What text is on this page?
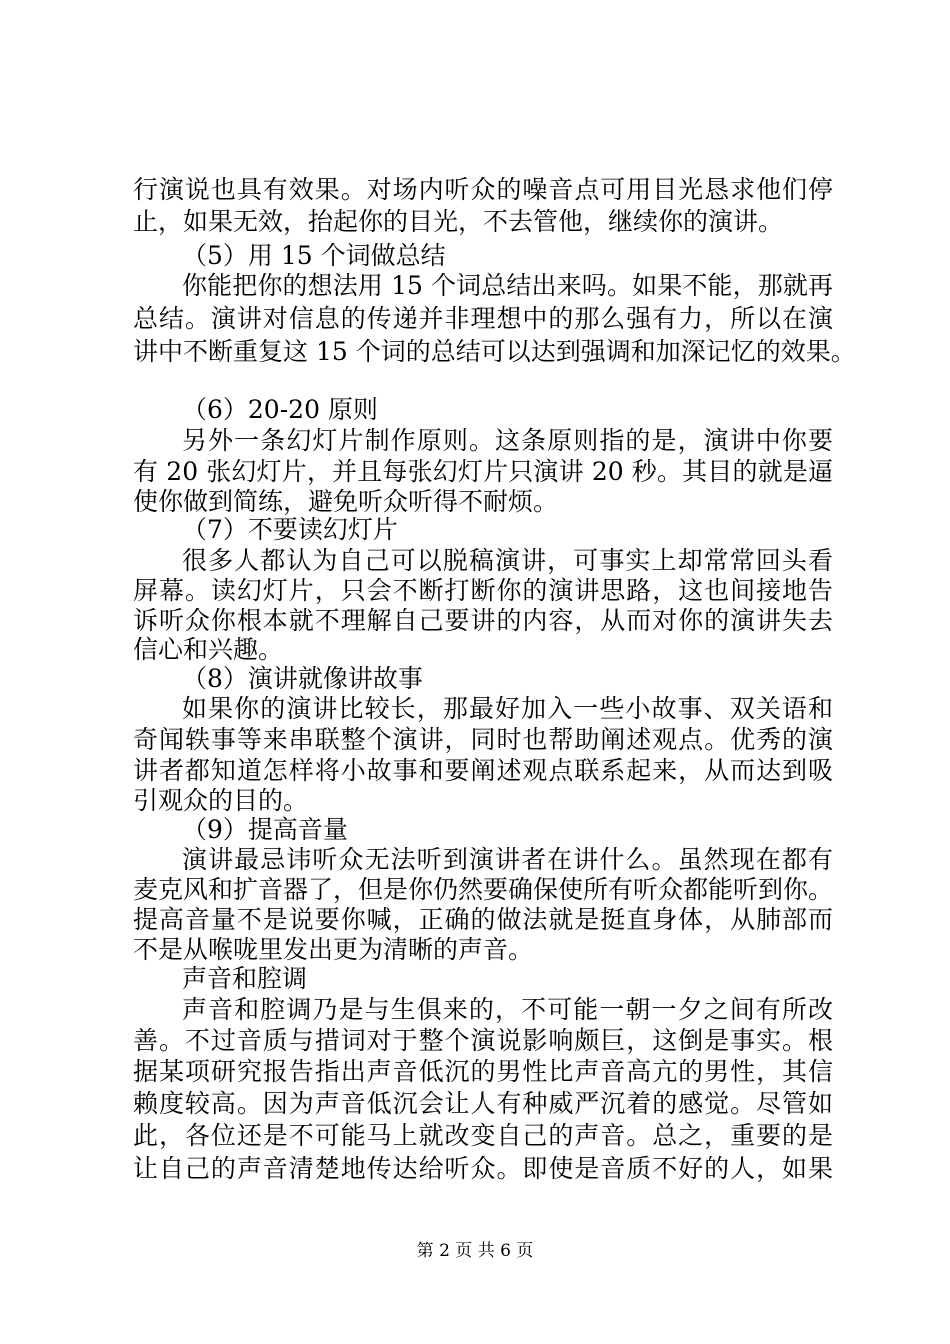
行演说也具有效果。对场内听众的噪音点可用目光恳求他们停
止，如果无效，抬起你的目光，不去管他，继续你的演讲。
（5）用 15 个词做总结
你能把你的想法用 15 个词总结出来吗。如果不能，那就再
总结。演讲对信息的传递并非理想中的那么强有力，所以在演
讲中不断重复这 15 个词的总结可以达到强调和加深记忆的效果。
（6）20-20 原则
另外一条幻灯片制作原则。这条原则指的是，演讲中你要
有 20 张幻灯片，并且每张幻灯片只演讲 20 秒。其目的就是逼
使你做到简练，避免听众听得不耐烦。
（7）不要读幻灯片
很多人都认为自己可以脱稿演讲，可事实上却常常回头看
屏幕。读幻灯片，只会不断打断你的演讲思路，这也间接地告
诉听众你根本就不理解自己要讲的内容，从而对你的演讲失去
信心和兴趣。
（8）演讲就像讲故事
如果你的演讲比较长，那最好加入一些小故事、双关语和
奇闻轶事等来串联整个演讲，同时也帮助阐述观点。优秀的演
讲者都知道怎样将小故事和要阐述观点联系起来，从而达到吸
引观众的目的。
（9）提高音量
演讲最忌讳听众无法听到演讲者在讲什么。虽然现在都有
麦克风和扩音器了，但是你仍然要确保使所有听众都能听到你。
提高音量不是说要你喊，正确的做法就是挺直身体，从肺部而
不是从喉咙里发出更为清晰的声音。
声音和腔调
声音和腔调乃是与生俱来的，不可能一朝一夕之间有所改
善。不过音质与措词对于整个演说影响颇巨，这倒是事实。根
据某项研究报告指出声音低沉的男性比声音高亢的男性，其信
赖度较高。因为声音低沉会让人有种威严沉着的感觉。尽管如
此，各位还是不可能马上就改变自己的声音。总之，重要的是
让自己的声音清楚地传达给听众。即使是音质不好的人，如果
第 2 页 共 6 页
